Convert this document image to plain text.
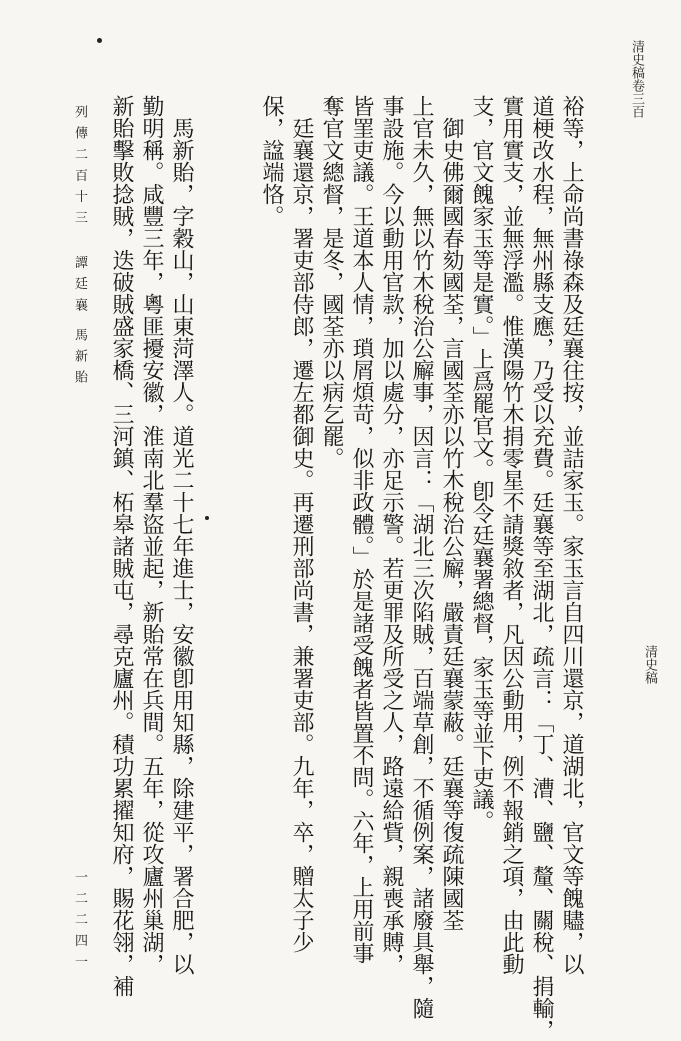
清史稿卷三百
清史稿
裕等，上命尚書祿森及廷襄往按，並詰家玉。家玉言自四川還京，道湖北，官文等餽贐，以
道梗改水程，無州縣支應，乃受以充費。廷襄等至湖北，疏言：「丁、漕、鹽、釐、關稅、捐輸，
實用實支，並無浮濫。惟漢陽竹木捐零星不請獎敘者，凡因公動用，例不報銷之項，由此動
支，官文餽家玉等是實。」上爲罷官文。卽令廷襄署總督，家玉等並下吏議。
　御史佛爾國春劾國荃，言國荃亦以竹木稅治公廨，嚴責廷襄蒙蔽。廷襄等復疏陳國荃
上官未久，無以竹木稅治公廨事，因言：「湖北三次陷賊，百端草創，不循例案，諸廢具舉，隨
事設施。今以動用官款，加以處分，亦足示警。若更罪及所受之人，路遠給貲，親喪承賻，
皆罣吏議。王道本人情，瑣屑煩苛，似非政體。」於是諸受餽者皆置不問。六年，上用前事
奪官文總督，是冬，國荃亦以病乞罷。
　廷襄還京，署吏部侍郎，遷左都御史。再遷刑部尚書，兼署吏部。九年，卒，贈太子少
保，諡端恪。
　馬新貽，字穀山，山東菏澤人。道光二十七年進士，安徽卽用知縣，除建平，署合肥，以
勤明稱。咸豐三年，粵匪擾安徽，淮南北羣盜並起，新貽常在兵間。五年，從攻廬州巢湖，
新貽擊敗捻賊，迭破賊盛家橋、三河鎮、柘皋諸賊屯，尋克廬州。積功累擢知府，賜花翎，補
列 傳 二 百 十 三　　譚 廷 襄　馬 新 貽
一 二 二 四 一
